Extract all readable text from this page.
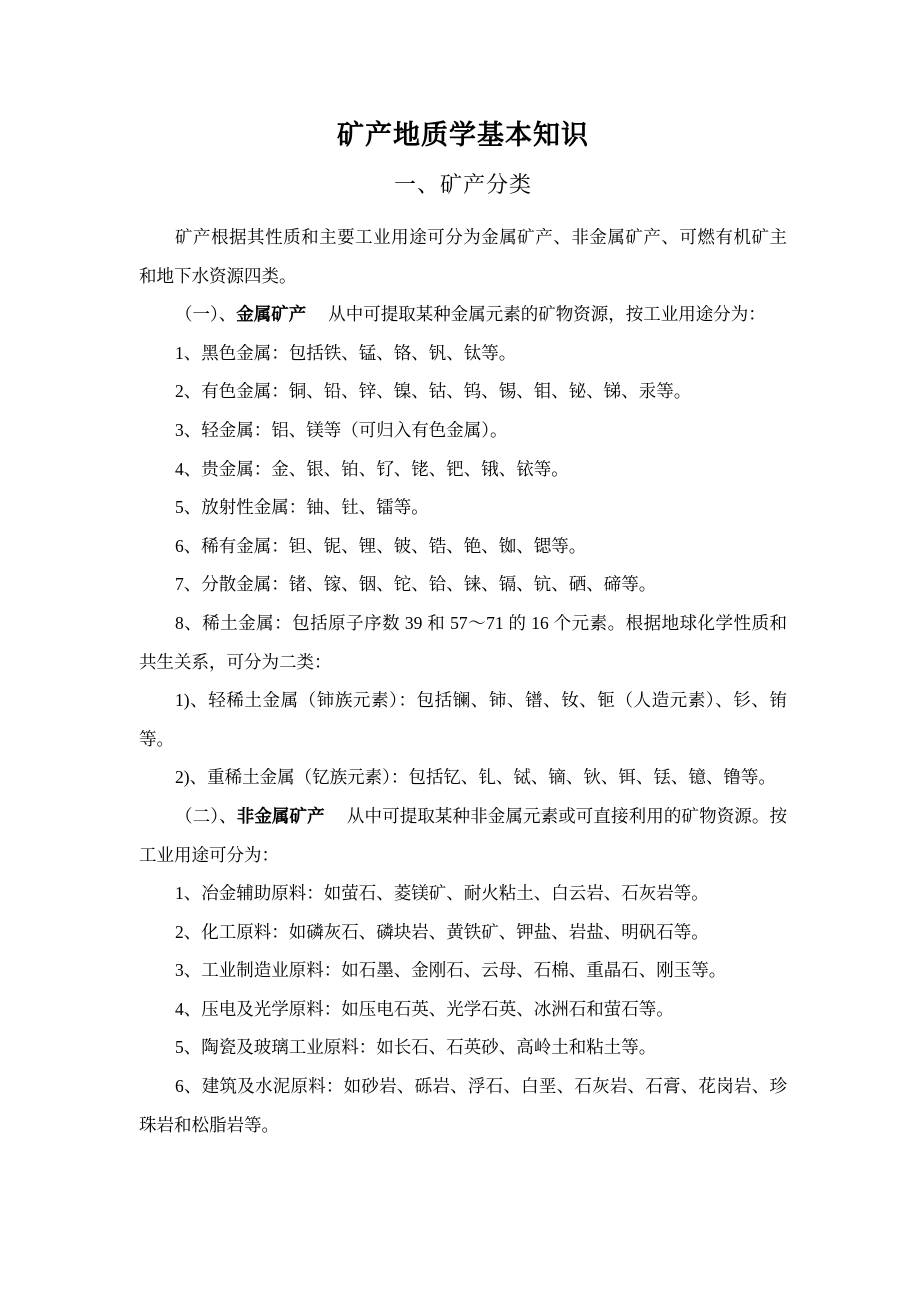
矿产地质学基本知识
一、矿产分类

矿产根据其性质和主要工业用途可分为金属矿产、非金属矿产、可燃有机矿主和地下水资源四类。

（一）、金属矿产 从中可提取某种金属元素的矿物资源，按工业用途分为：

1、黑色金属：包括铁、锰、铬、钒、钛等。

2、有色金属：铜、铅、锌、镍、钴、钨、锡、钼、铋、锑、汞等。

3、轻金属：铝、镁等（可归入有色金属）。

4、贵金属：金、银、铂、钌、铑、钯、锇、铱等。

5、放射性金属：铀、钍、镭等。

6、稀有金属：钽、铌、锂、铍、锆、铯、铷、锶等。

7、分散金属：锗、镓、铟、铊、铪、铼、镉、钪、硒、碲等。

8、稀土金属：包括原子序数 39 和 57～71 的 16 个元素。根据地球化学性质和共生关系，可分为二类：

1)、轻稀土金属（铈族元素）：包括镧、铈、镨、钕、钷（人造元素）、钐、铕等。

2)、重稀土金属（钇族元素）：包括钇、钆、铽、镝、钬、铒、铥、镱、镥等。

（二）、非金属矿产 从中可提取某种非金属元素或可直接利用的矿物资源。按工业用途可分为：

1、冶金辅助原料：如萤石、菱镁矿、耐火粘土、白云岩、石灰岩等。

2、化工原料：如磷灰石、磷块岩、黄铁矿、钾盐、岩盐、明矾石等。

3、工业制造业原料：如石墨、金刚石、云母、石棉、重晶石、刚玉等。

4、压电及光学原料：如压电石英、光学石英、冰洲石和萤石等。

5、陶瓷及玻璃工业原料：如长石、石英砂、高岭土和粘土等。

6、建筑及水泥原料：如砂岩、砾岩、浮石、白垩、石灰岩、石膏、花岗岩、珍珠岩和松脂岩等。
